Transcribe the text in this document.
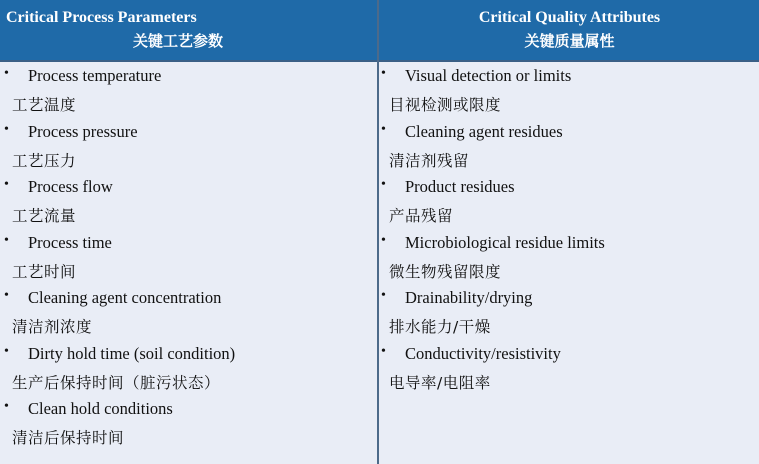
Critical Process Parameters
关键工艺参数
Critical Quality Attributes
关键质量属性
• Process temperature
工艺温度
• Process pressure
工艺压力
• Process flow
工艺流量
• Process time
工艺时间
• Cleaning agent concentration
清洁剂浓度
• Dirty hold time (soil condition)
生产后保持时间（脏污状态）
• Clean hold conditions
清洁后保持时间
• Visual detection or limits
目视检测或限度
• Cleaning agent residues
清洁剂残留
• Product residues
产品残留
• Microbiological residue limits
微生物残留限度
• Drainability/drying
排水能力/干燥
• Conductivity/resistivity
电导率/电阻率
